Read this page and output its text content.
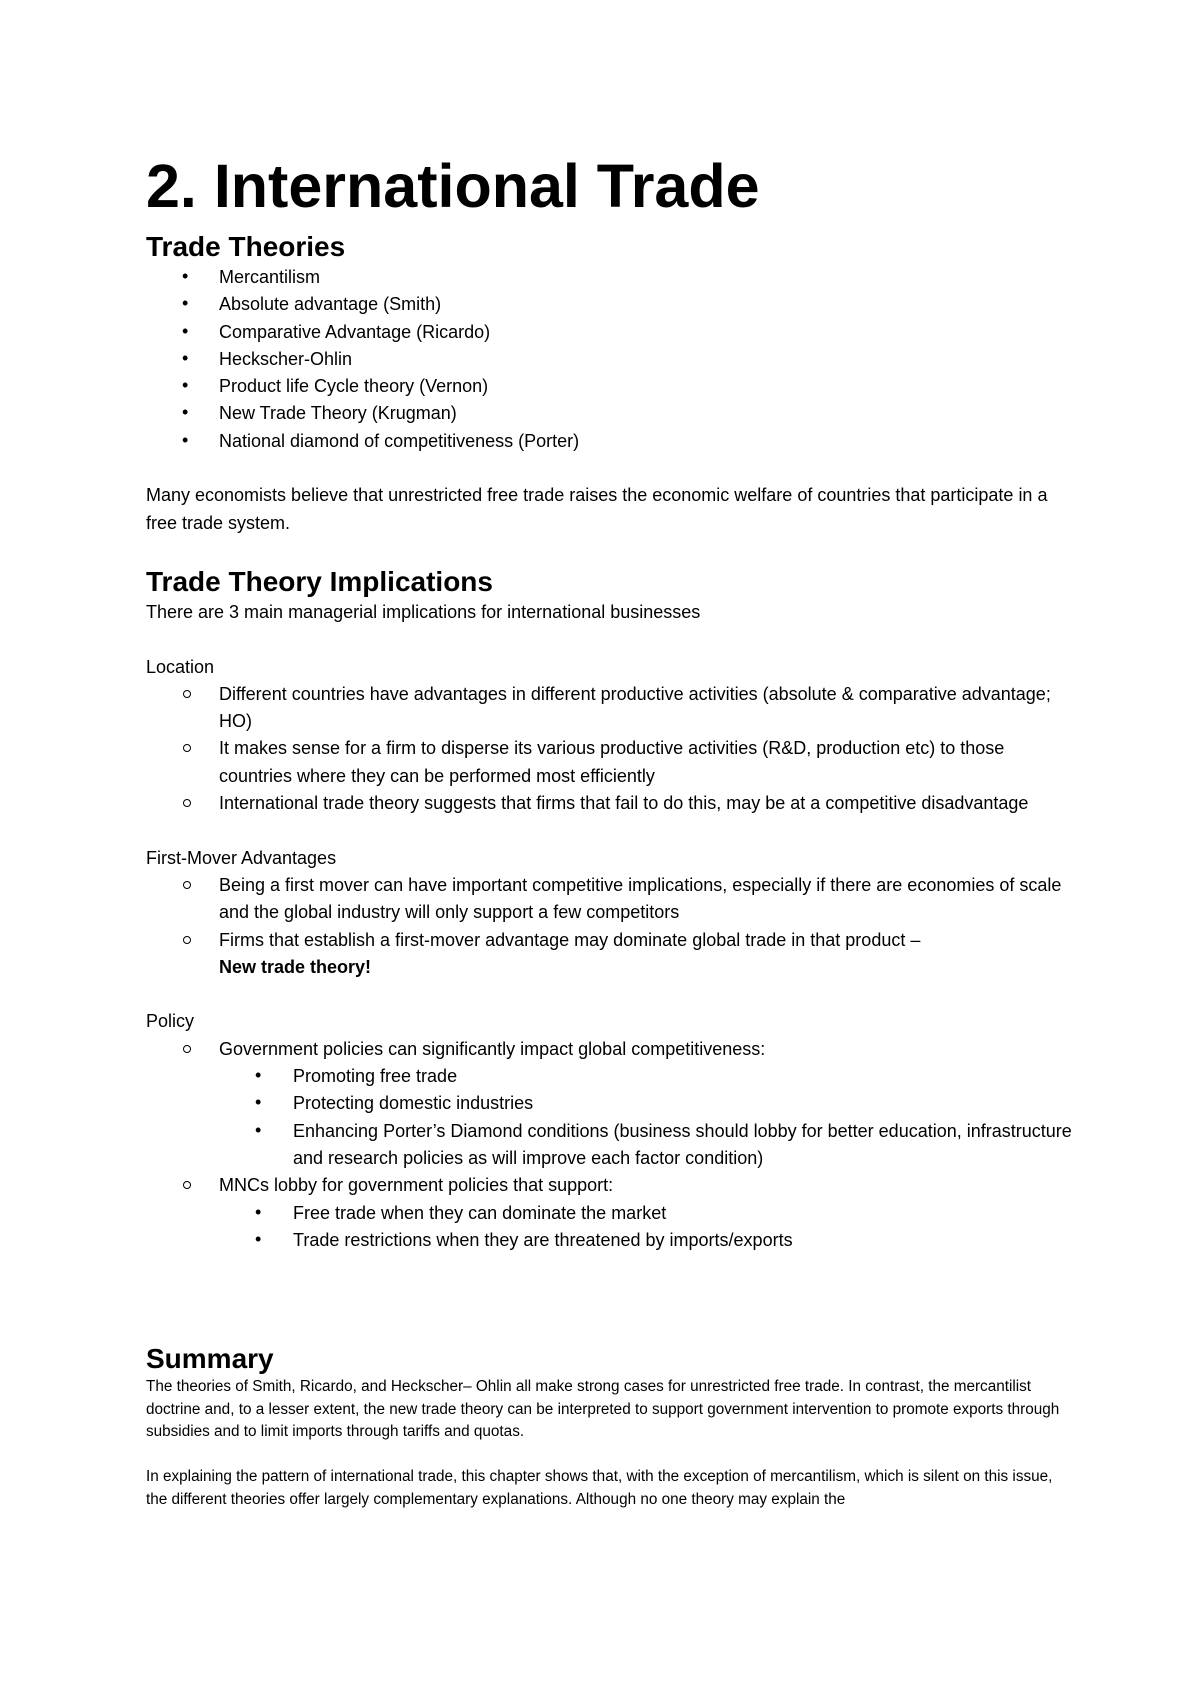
2. International Trade
Trade Theories
• Mercantilism
• Absolute advantage (Smith)
• Comparative Advantage (Ricardo)
• Heckscher-Ohlin
• Product life Cycle theory (Vernon)
• New Trade Theory (Krugman)
• National diamond of competitiveness (Porter)

Many economists believe that unrestricted free trade raises the economic welfare of countries that participate in a free trade system.

Trade Theory Implications

There are 3 main managerial implications for international businesses

Location

Different countries have advantages in different productive activities (absolute & comparative advantage; HO)
It makes sense for a firm to disperse its various productive activities (R&D, production etc) to those countries where they can be performed most efficiently
International trade theory suggests that firms that fail to do this, may be at a competitive disadvantage

First-Mover Advantages

Being a first mover can have important competitive implications, especially if there are economies of scale and the global industry will only support a few competitors
Firms that establish a first-mover advantage may dominate global trade in that product –
New trade theory!

Policy

Government policies can significantly impact global competitiveness:
• Promoting free trade
• Protecting domestic industries
• Enhancing Porter’s Diamond conditions (business should lobby for better education, infrastructure and research policies as will improve each factor condition)
MNCs lobby for government policies that support:
• Free trade when they can dominate the market
• Trade restrictions when they are threatened by imports/exports
Summary

The theories of Smith, Ricardo, and Heckscher– Ohlin all make strong cases for unrestricted free trade. In contrast, the mercantilist doctrine and, to a lesser extent, the new trade theory can be interpreted to support government intervention to promote exports through subsidies and to limit imports through tariffs and quotas.

In explaining the pattern of international trade, this chapter shows that, with the exception of mercantilism, which is silent on this issue, the different theories offer largely complementary explanations. Although no one theory may explain the
